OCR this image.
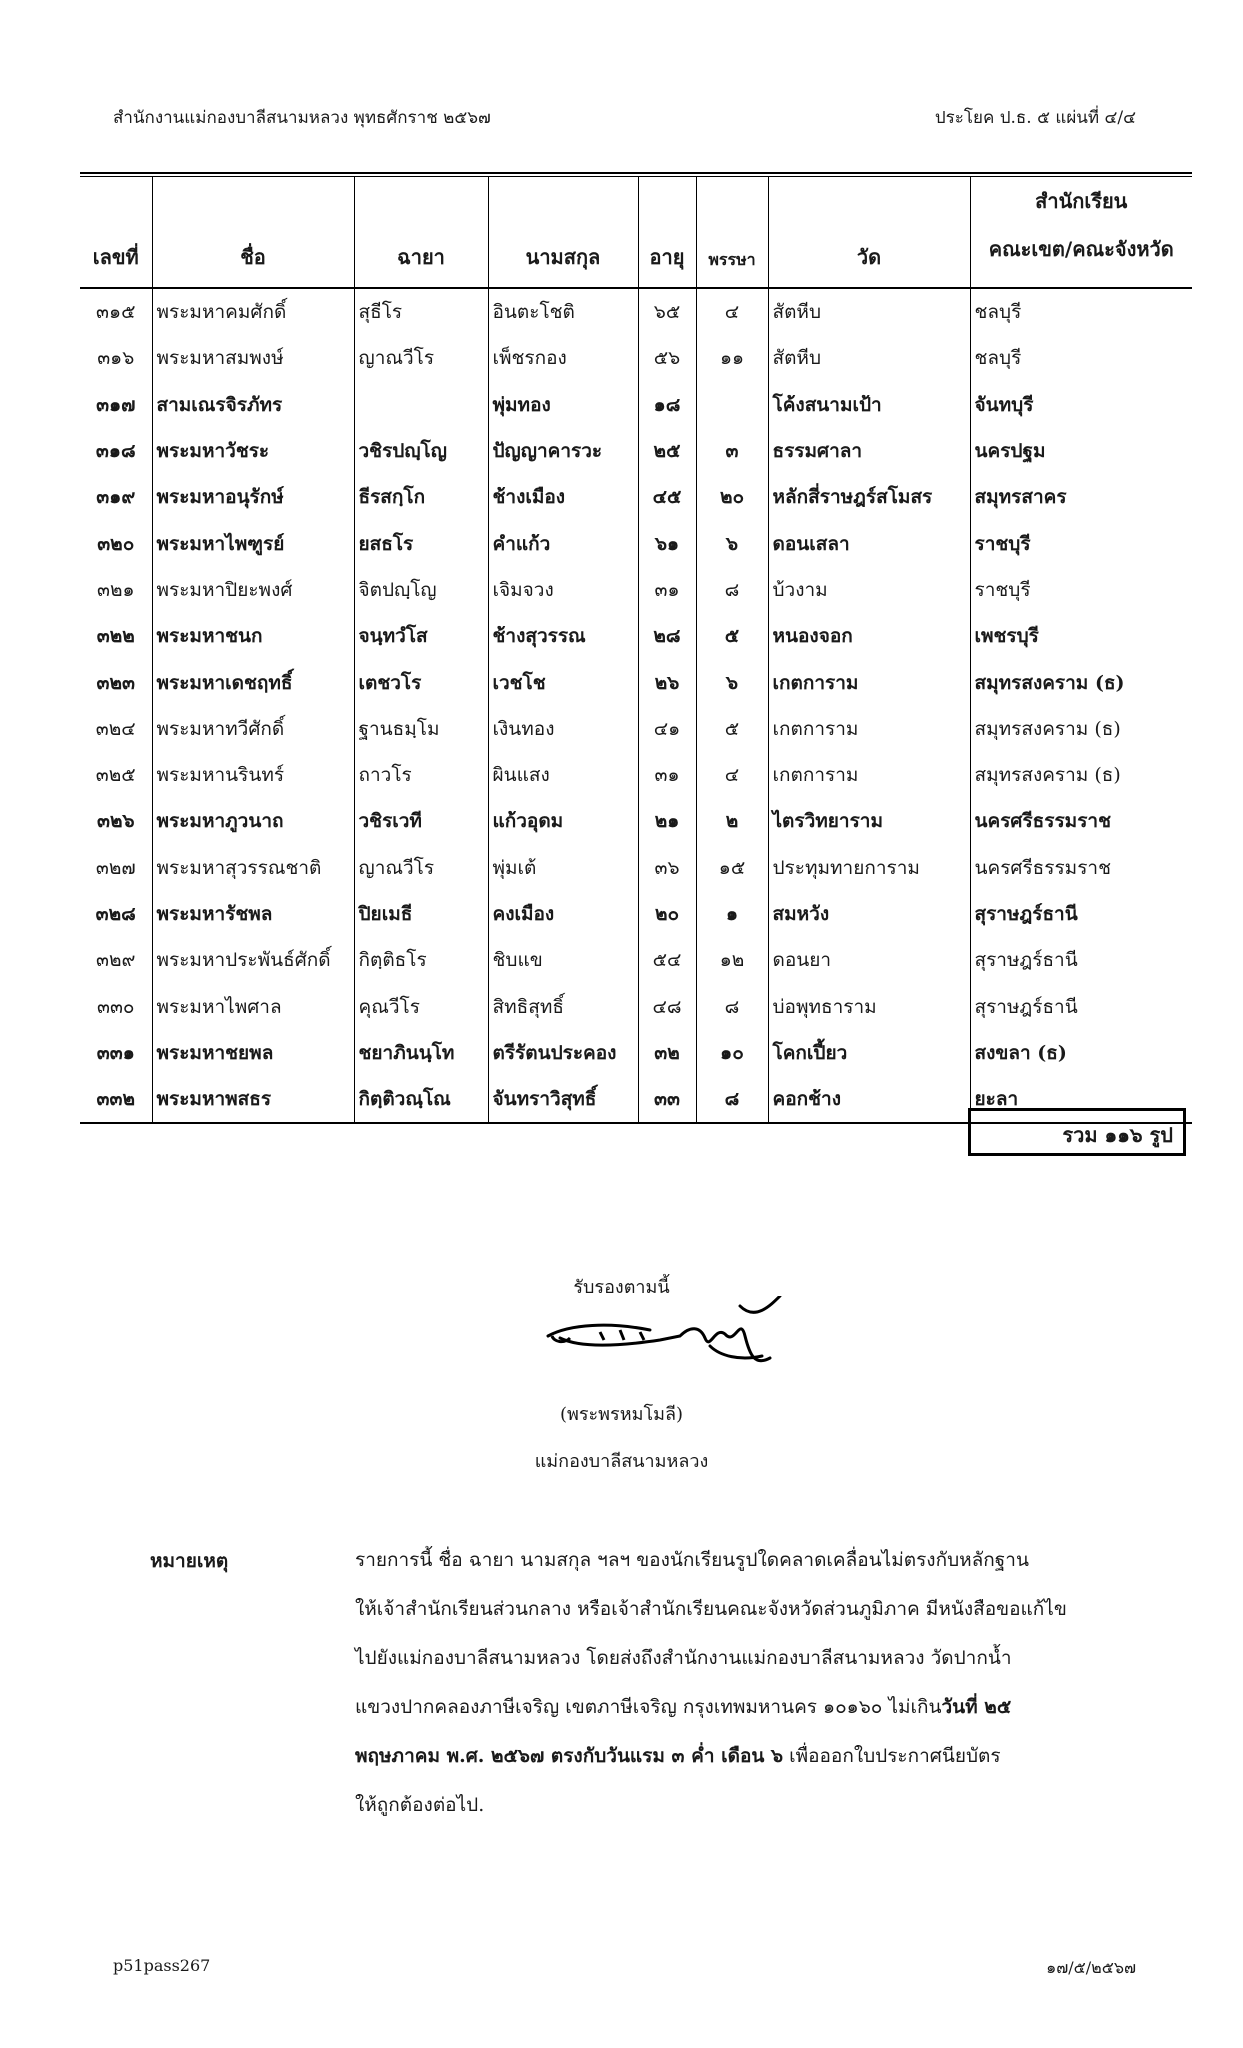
สำนักงานแม่กองบาลีสนามหลวง พุทธศักราช ๒๕๖๗	ประโยค ป.ธ. ๕ แผ่นที่ ๔/๔
เลขที่	ชื่อ	ฉายา	นามสกุล	อายุ	พรรษา	วัด	สำนักเรียน
คณะเขต/คณะจังหวัด

๓๑๕	พระมหาคมศักดิ์	สุธีโร	อินตะโชติ	๖๕	๔	สัตหีบ	ชลบุรี
๓๑๖	พระมหาสมพงษ์	ญาณวีโร	เพ็ชรกอง	๕๖	๑๑	สัตหีบ	ชลบุรี
๓๑๗	สามเณรจิรภัทร		พุ่มทอง	๑๘		โค้งสนามเป้า	จันทบุรี
๓๑๘	พระมหาวัชระ	วชิรปญฺโญ	ปัญญาคารวะ	๒๕	๓	ธรรมศาลา	นครปฐม
๓๑๙	พระมหาอนุรักษ์	ธีรสกฺโก	ช้างเมือง	๔๕	๒๐	หลักสี่ราษฎร์สโมสร	สมุทรสาคร
๓๒๐	พระมหาไพฑูรย์	ยสธโร	คำแก้ว	๖๑	๖	ดอนเสลา	ราชบุรี
๓๒๑	พระมหาปิยะพงศ์	จิตปญฺโญ	เจิมจวง	๓๑	๘	บ้วงาม	ราชบุรี
๓๒๒	พระมหาชนก	จนฺทวํโส	ช้างสุวรรณ	๒๘	๕	หนองจอก	เพชรบุรี
๓๒๓	พระมหาเดชฤทธิ์	เตชวโร	เวชโช	๒๖	๖	เกตการาม	สมุทรสงคราม (ธ)
๓๒๔	พระมหาทวีศักดิ์	ฐานธมฺโม	เงินทอง	๔๑	๕	เกตการาม	สมุทรสงคราม (ธ)
๓๒๕	พระมหานรินทร์	ถาวโร	ผินแสง	๓๑	๔	เกตการาม	สมุทรสงคราม (ธ)
๓๒๖	พระมหาภูวนาถ	วชิรเวที	แก้วอุดม	๒๑	๒	ไตรวิทยาราม	นครศรีธรรมราช
๓๒๗	พระมหาสุวรรณชาติ	ญาณวีโร	พุ่มเต้	๓๖	๑๕	ประทุมทายการาม	นครศรีธรรมราช
๓๒๘	พระมหารัชพล	ปิยเมธี	คงเมือง	๒๐	๑	สมหวัง	สุราษฎร์ธานี
๓๒๙	พระมหาประพันธ์ศักดิ์	กิตฺติธโร	ชิบแข	๕๔	๑๒	ดอนยา	สุราษฎร์ธานี
๓๓๐	พระมหาไพศาล	คุณวีโร	สิทธิสุทธิ์	๔๘	๘	บ่อพุทธาราม	สุราษฎร์ธานี
๓๓๑	พระมหาชยพล	ชยาภินนฺโท	ตรีรัตนประคอง	๓๒	๑๐	โคกเปี้ยว	สงขลา (ธ)
๓๓๒	พระมหาพสธร	กิตฺติวณฺโณ	จันทราวิสุทธิ์	๓๓	๘	คอกช้าง	ยะลา
รวม ๑๑๖ รูป
รับรองตามนี้
(พระพรหมโมลี)
แม่กองบาลีสนามหลวง
หมายเหตุ	รายการนี้ ชื่อ ฉายา นามสกุล ฯลฯ ของนักเรียนรูปใดคลาดเคลื่อนไม่ตรงกับหลักฐาน
ให้เจ้าสำนักเรียนส่วนกลาง หรือเจ้าสำนักเรียนคณะจังหวัดส่วนภูมิภาค มีหนังสือขอแก้ไข
ไปยังแม่กองบาลีสนามหลวง โดยส่งถึงสำนักงานแม่กองบาลีสนามหลวง วัดปากน้ำ
แขวงปากคลองภาษีเจริญ เขตภาษีเจริญ กรุงเทพมหานคร ๑๐๑๖๐ ไม่เกินวันที่ ๒๕
พฤษภาคม พ.ศ. ๒๕๖๗ ตรงกับวันแรม ๓ ค่ำ เดือน ๖ เพื่อออกใบประกาศนียบัตร
ให้ถูกต้องต่อไป.
p51pass267	๑๗/๕/๒๕๖๗
